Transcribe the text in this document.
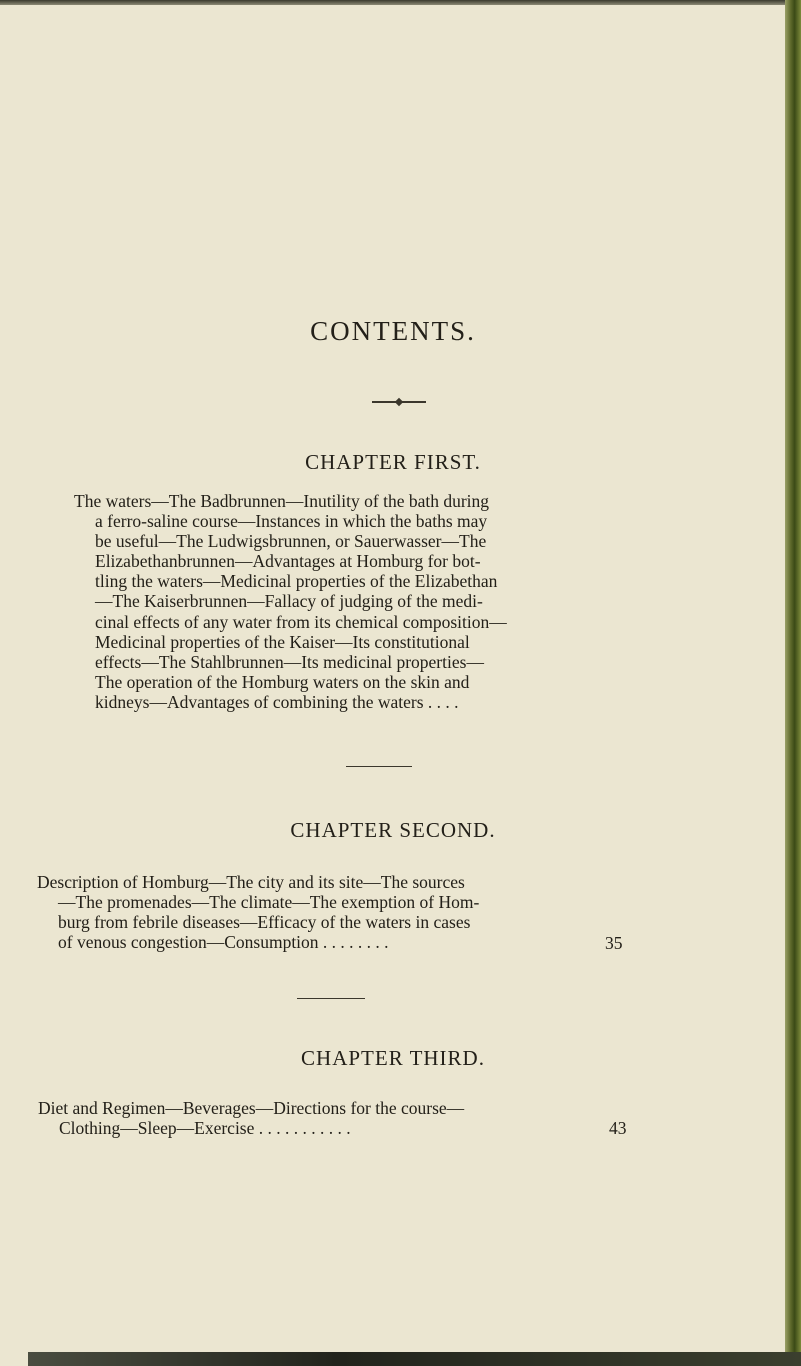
CONTENTS.
CHAPTER FIRST.
The waters—The Badbrunnen—Inutility of the bath during
a ferro-saline course—Instances in which the baths may
be useful—The Ludwigsbrunnen, or Sauerwasser—The
Elizabethanbrunnen—Advantages at Homburg for bot-
tling the waters—Medicinal properties of the Elizabethan
—The Kaiserbrunnen—Fallacy of judging of the medi-
cinal effects of any water from its chemical composition—
Medicinal properties of the Kaiser—Its constitutional
effects—The Stahlbrunnen—Its medicinal properties—
The operation of the Homburg waters on the skin and
kidneys—Advantages of combining the waters . . . .
CHAPTER SECOND.
Description of Homburg—The city and its site—The sources
—The promenades—The climate—The exemption of Hom-
burg from febrile diseases—Efficacy of the waters in cases
of venous congestion—Consumption . . . . . . . .	35
CHAPTER THIRD.
Diet and Regimen—Beverages—Directions for the course—
Clothing—Sleep—Exercise . . . . . . . . . . .	43
